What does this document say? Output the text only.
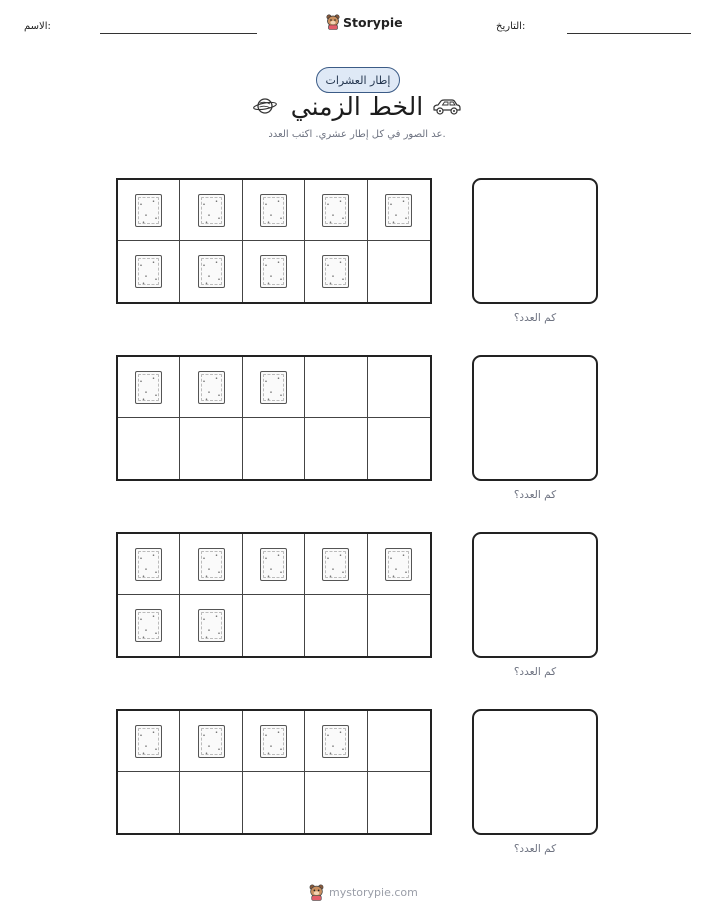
الاسم:	Storypie	التاريخ:
إطار العشرات
الخط الزمني
عد الصور في كل إطار عشري. اكتب العدد.
كم العدد؟
كم العدد؟
كم العدد؟
كم العدد؟
mystorypie.com
